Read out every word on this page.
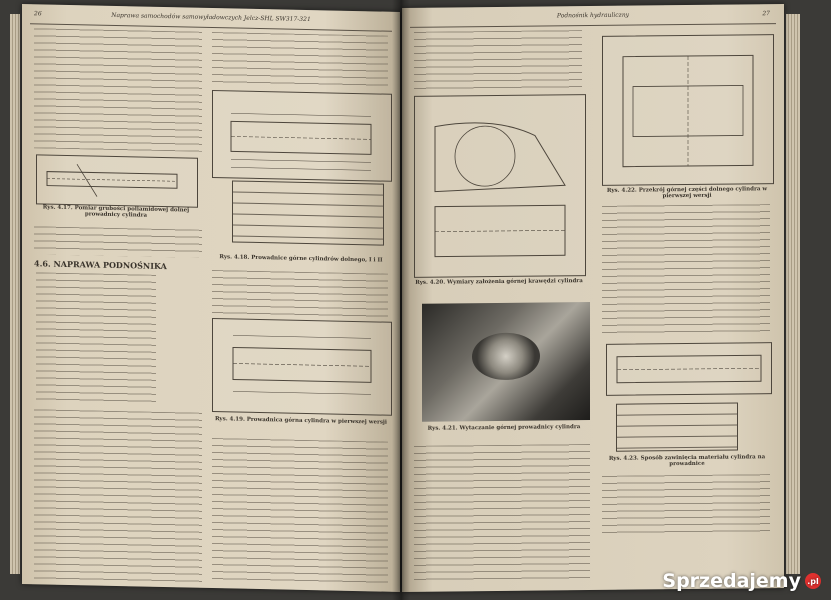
26	Naprawa samochodów samowyładowczych Jelcz-SHL SW317-321
Rys. 4.17. Pomiar grubości poliamidowej dolnej prowadnicy cylindra
4.6. NAPRAWA PODNOŚNIKA	Rys. 4.18. Prowadnice górne cylindrów dolnego, I i II
Rys. 4.19. Prowadnica górna cylindra w pierwszej wersji
Podnośnik hydrauliczny	27
Rys. 4.20. Wymiary założenia górnej krawędzi cylindra
Rys. 4.21. Wytaczanie górnej prowadnicy cylindra
Rys. 4.22. Przekrój górnej części dolnego cylindra w pierwszej wersji
Rys. 4.23. Sposób zawinięcia materiału cylindra na prowadnice
Sprzedajemy .pl
